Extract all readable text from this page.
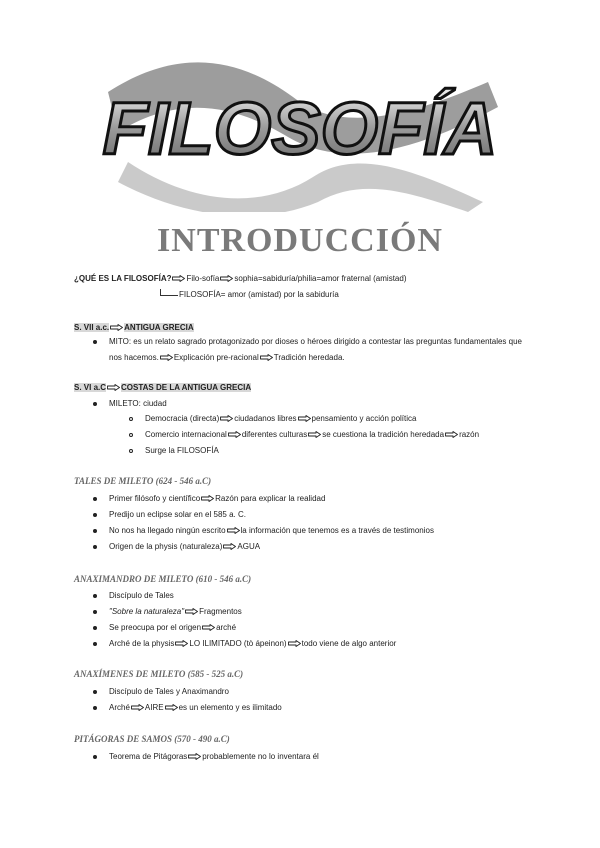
FILOSOFÍA
INTRODUCCIÓN
¿QUÉ ES LA FILOSOFÍA? Filo-sofía sophia=sabiduría/philia=amor fraternal (amistad)
FILOSOFÍA= amor (amistad) por la sabiduría
S. VII a.c. ANTIGUA GRECIA
MITO: es un relato sagrado protagonizado por dioses o héroes dirigido a contestar las preguntas fundamentales que
nos hacemos. Explicación pre-racional Tradición heredada.
S. VI a.C COSTAS DE LA ANTIGUA GRECIA
MILETO: ciudad
Democracia (directa) ciudadanos libres pensamiento y acción política
Comercio internacional diferentes culturas se cuestiona la tradición heredada razón
Surge la FILOSOFÍA
TALES DE MILETO (624 - 546 a.C)
Primer filósofo y científico Razón para explicar la realidad
Predijo un eclipse solar en el 585 a. C.
No nos ha llegado ningún escrito la información que tenemos es a través de testimonios
Origen de la physis (naturaleza) AGUA
ANAXIMANDRO DE MILETO (610 - 546 a.C)
Discípulo de Tales
"Sobre la naturaleza" Fragmentos
Se preocupa por el origen arché
Arché de la physis LO ILIMITADO (tò ápeinon) todo viene de algo anterior
ANAXÍMENES DE MILETO (585 - 525 a.C)
Discípulo de Tales y Anaximandro
Arché AIRE es un elemento y es ilimitado
PITÁGORAS DE SAMOS (570 - 490 a.C)
Teorema de Pitágoras probablemente no lo inventara él
